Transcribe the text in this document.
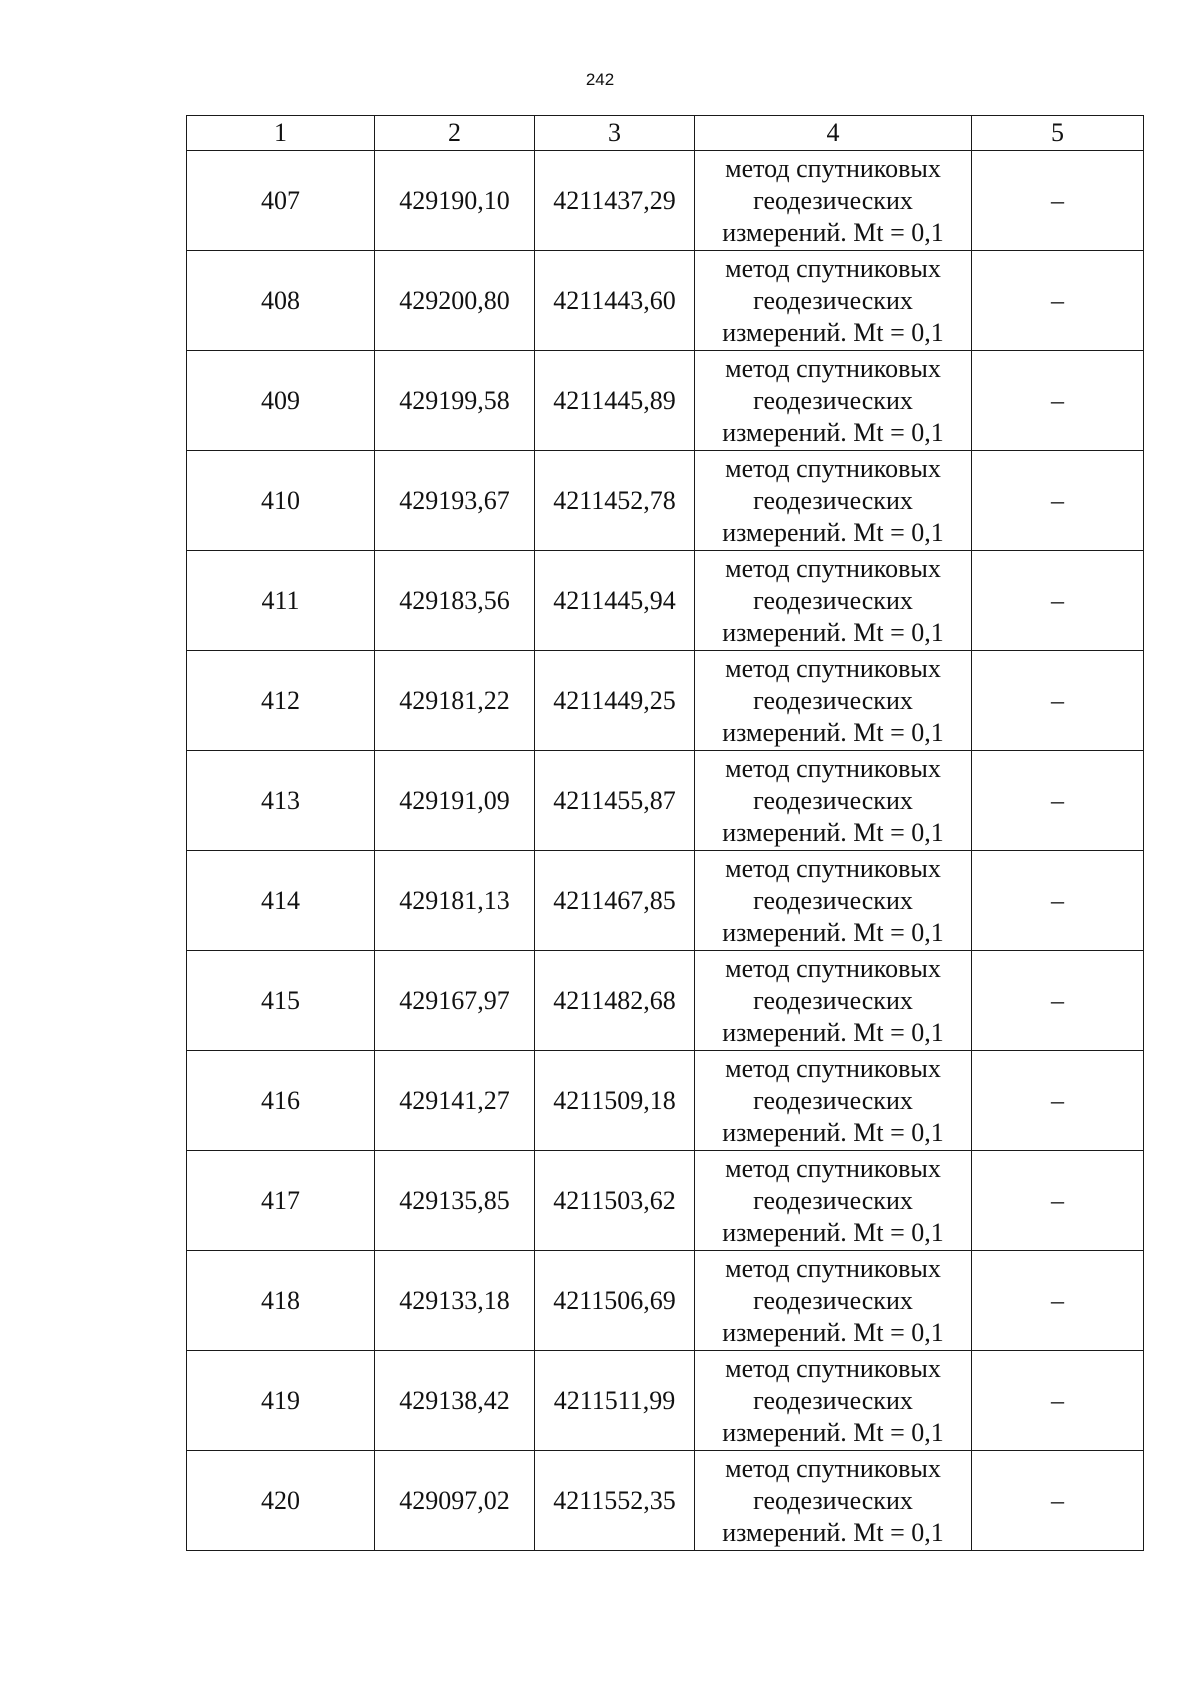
242
1	2	3	4	5
407	429190,10	4211437,29	метод спутниковых
геодезических
измерений. Mt = 0,1	–
408	429200,80	4211443,60	метод спутниковых
геодезических
измерений. Mt = 0,1	–
409	429199,58	4211445,89	метод спутниковых
геодезических
измерений. Mt = 0,1	–
410	429193,67	4211452,78	метод спутниковых
геодезических
измерений. Mt = 0,1	–
411	429183,56	4211445,94	метод спутниковых
геодезических
измерений. Mt = 0,1	–
412	429181,22	4211449,25	метод спутниковых
геодезических
измерений. Mt = 0,1	–
413	429191,09	4211455,87	метод спутниковых
геодезических
измерений. Mt = 0,1	–
414	429181,13	4211467,85	метод спутниковых
геодезических
измерений. Mt = 0,1	–
415	429167,97	4211482,68	метод спутниковых
геодезических
измерений. Mt = 0,1	–
416	429141,27	4211509,18	метод спутниковых
геодезических
измерений. Mt = 0,1	–
417	429135,85	4211503,62	метод спутниковых
геодезических
измерений. Mt = 0,1	–
418	429133,18	4211506,69	метод спутниковых
геодезических
измерений. Mt = 0,1	–
419	429138,42	4211511,99	метод спутниковых
геодезических
измерений. Mt = 0,1	–
420	429097,02	4211552,35	метод спутниковых
геодезических
измерений. Mt = 0,1	–
